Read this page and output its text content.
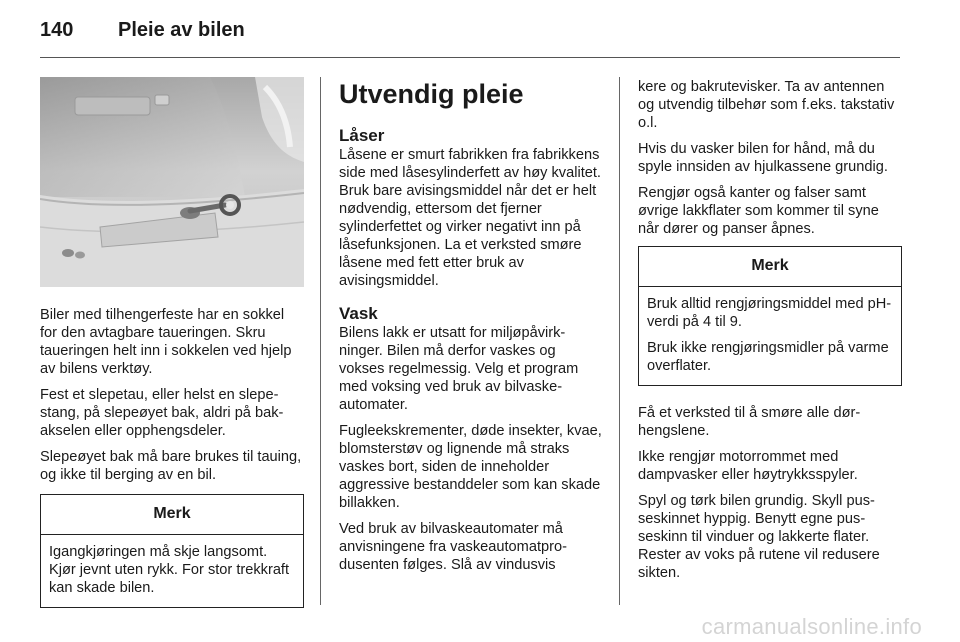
140 Pleie av bilen

Biler med tilhengerfeste har en sokkel for den avtagbare taueringen. Skru taueringen helt inn i sokkelen ved hjelp av bilens verktøy.

Fest et slepetau, eller helst en slepestang, på slepeøyet bak, aldri på bakakselen eller opphengsdeler.

Slepeøyet bak må bare brukes til tauing, og ikke til berging av en bil.

Merk

Igangkjøringen må skje langsomt. Kjør jevnt uten rykk. For stor trekkraft kan skade bilen.

Utvendig pleie
Låser

Låsene er smurt fabrikken fra fabrikkens side med låsesylinderfett av høy kvalitet. Bruk bare avisingsmiddel når det er helt nødvendig, ettersom det fjerner sylinderfettet og virker negativt inn på låsefunksjonen. La et verksted smøre låsene med fett etter bruk av avisingsmiddel.

Vask

Bilens lakk er utsatt for miljøpåvirkninger. Bilen må derfor vaskes og vokses regelmessig. Velg et program med voksing ved bruk av bilvaskeautomater.

Fugleekskrementer, døde insekter, kvae, blomsterstøv og lignende må straks vaskes bort, siden de inneholder aggressive bestanddeler som kan skade billakken.

Ved bruk av bilvaskeautomater må anvisningene fra vaskeautomatprodusenten følges. Slå av vindusvis

kere og bakrutevisker. Ta av antennen og utvendig tilbehør som f.eks. takstativ o.l.

Hvis du vasker bilen for hånd, må du spyle innsiden av hjulkassene grundig.

Rengjør også kanter og falser samt øvrige lakkflater som kommer til syne når dører og panser åpnes.

Merk

Bruk alltid rengjøringsmiddel med pH-verdi på 4 til 9.

Bruk ikke rengjøringsmidler på varme overflater.

Få et verksted til å smøre alle dørhengslene.

Ikke rengjør motorrommet med dampvasker eller høytrykksspyler.

Spyl og tørk bilen grundig. Skyll pusseskinnet hyppig. Benytt egne pusseskinn til vinduer og lakkerte flater. Rester av voks på rutene vil redusere sikten.

carmanualsonline.info
